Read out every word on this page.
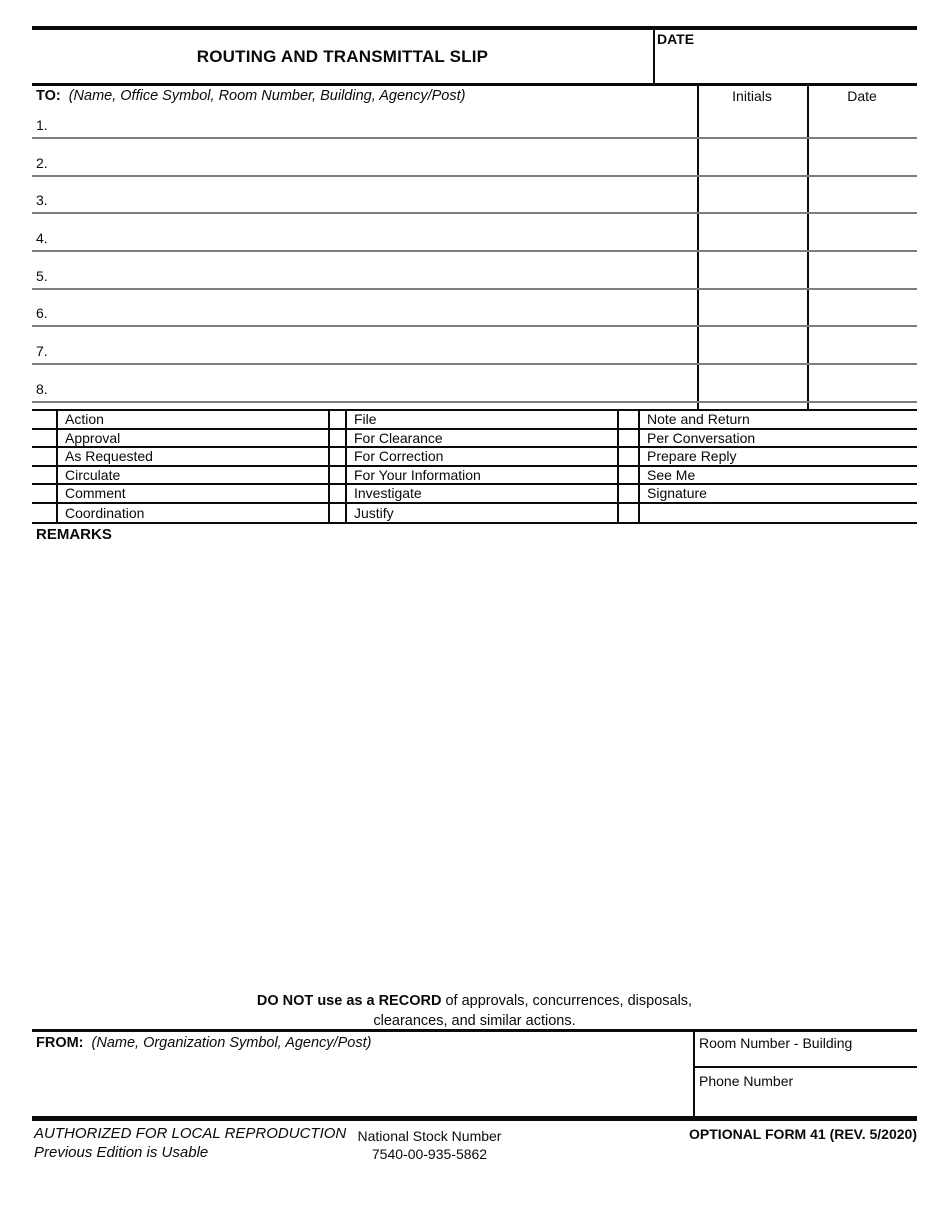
ROUTING AND TRANSMITTAL SLIP
DATE
TO: (Name, Office Symbol, Room Number, Building, Agency/Post)	Initials	Date
1.
2.
3.
4.
5.
6.
7.
8.
Action	File	Note and Return
Approval	For Clearance	Per Conversation
As Requested	For Correction	Prepare Reply
Circulate	For Your Information	See Me
Comment	Investigate	Signature
Coordination	Justify
REMARKS
DO NOT use as a RECORD of approvals, concurrences, disposals,
clearances, and similar actions.
FROM: (Name, Organization Symbol, Agency/Post)	Room Number - Building
Phone Number
AUTHORIZED FOR LOCAL REPRODUCTION
Previous Edition is Usable
National Stock Number
7540-00-935-5862
OPTIONAL FORM 41 (REV. 5/2020)
